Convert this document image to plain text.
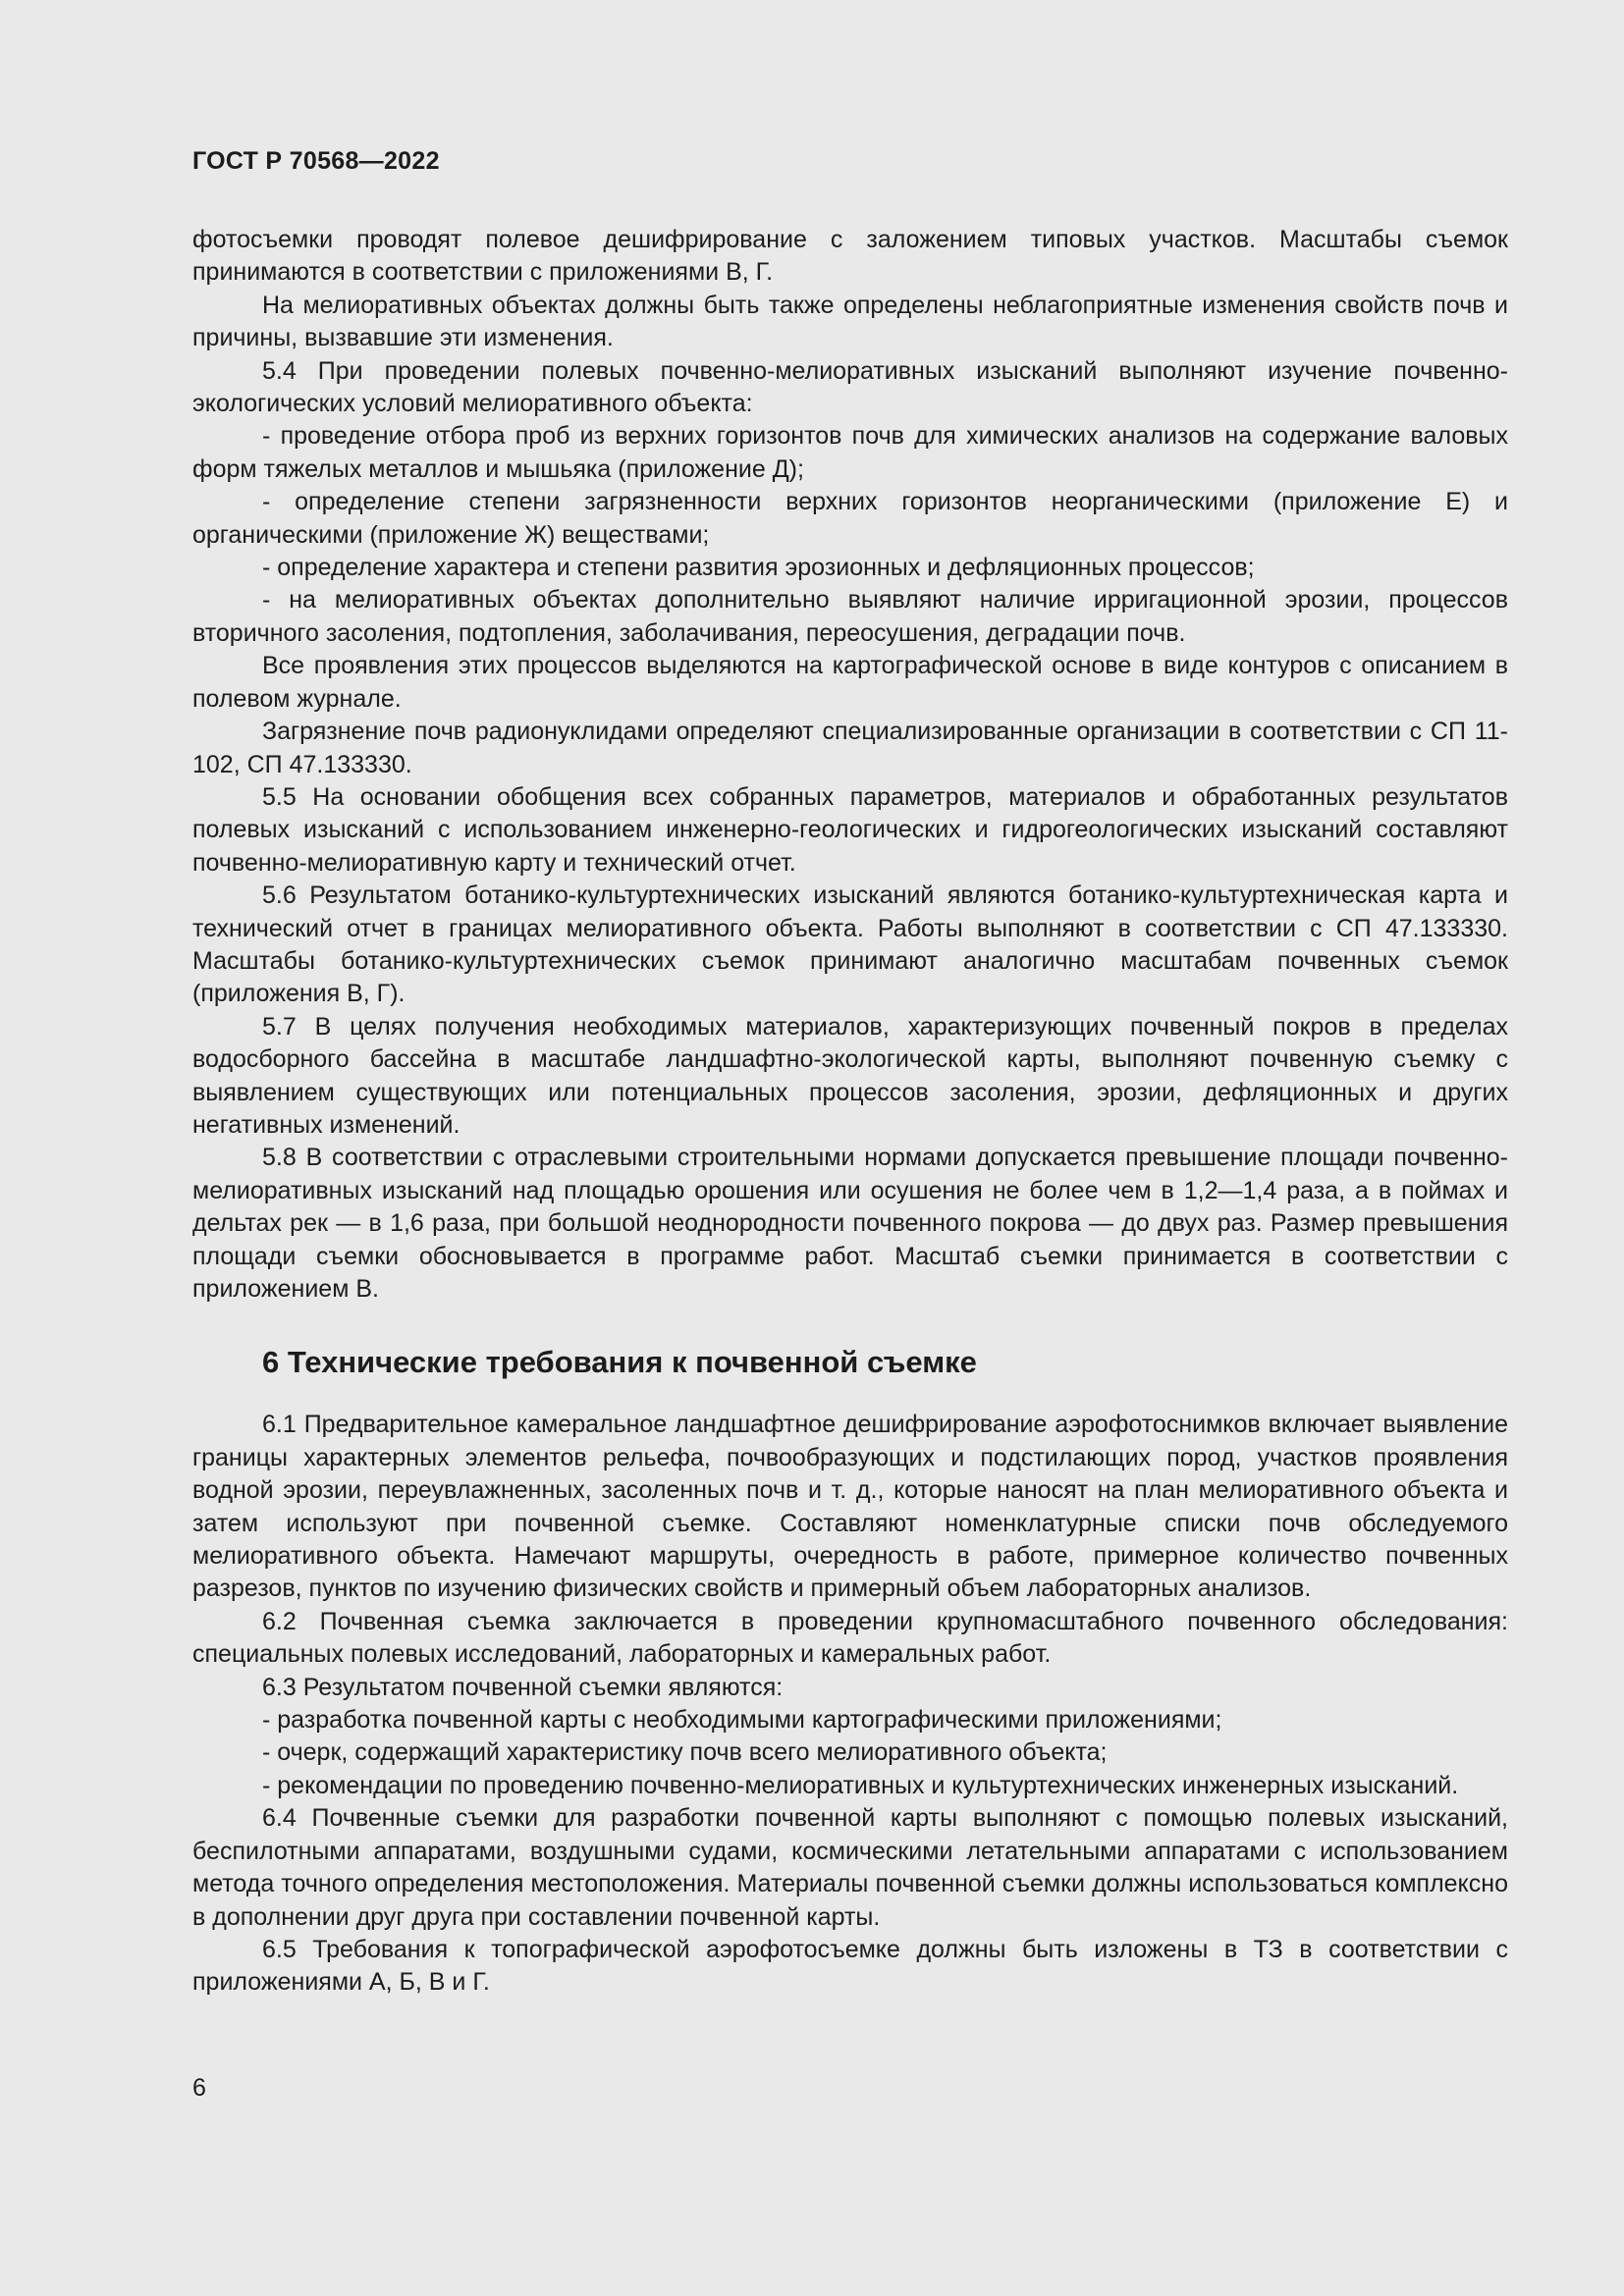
ГОСТ Р 70568—2022

фотосъемки проводят полевое дешифрирование с заложением типовых участков. Масштабы съемок принимаются в соответствии с приложениями В, Г.

На мелиоративных объектах должны быть также определены неблагоприятные изменения свойств почв и причины, вызвавшие эти изменения.

5.4 При проведении полевых почвенно-мелиоративных изысканий выполняют изучение почвенно-экологических условий мелиоративного объекта:

- проведение отбора проб из верхних горизонтов почв для химических анализов на содержание валовых форм тяжелых металлов и мышьяка (приложение Д);

- определение степени загрязненности верхних горизонтов неорганическими (приложение Е) и органическими (приложение Ж) веществами;

- определение характера и степени развития эрозионных и дефляционных процессов;

- на мелиоративных объектах дополнительно выявляют наличие ирригационной эрозии, процессов вторичного засоления, подтопления, заболачивания, переосушения, деградации почв.

Все проявления этих процессов выделяются на картографической основе в виде контуров с описанием в полевом журнале.

Загрязнение почв радионуклидами определяют специализированные организации в соответствии с СП 11-102, СП 47.133330.

5.5 На основании обобщения всех собранных параметров, материалов и обработанных результатов полевых изысканий с использованием инженерно-геологических и гидрогеологических изысканий составляют почвенно-мелиоративную карту и технический отчет.

5.6 Результатом ботанико-культуртехнических изысканий являются ботанико-культуртехническая карта и технический отчет в границах мелиоративного объекта. Работы выполняют в соответствии с СП 47.133330. Масштабы ботанико-культуртехнических съемок принимают аналогично масштабам почвенных съемок (приложения В, Г).

5.7 В целях получения необходимых материалов, характеризующих почвенный покров в пределах водосборного бассейна в масштабе ландшафтно-экологической карты, выполняют почвенную съемку с выявлением существующих или потенциальных процессов засоления, эрозии, дефляционных и других негативных изменений.

5.8 В соответствии с отраслевыми строительными нормами допускается превышение площади почвенно-мелиоративных изысканий над площадью орошения или осушения не более чем в 1,2—1,4 раза, а в поймах и дельтах рек — в 1,6 раза, при большой неоднородности почвенного покрова — до двух раз. Размер превышения площади съемки обосновывается в программе работ. Масштаб съемки принимается в соответствии с приложением В.

6 Технические требования к почвенной съемке

6.1 Предварительное камеральное ландшафтное дешифрирование аэрофотоснимков включает выявление границы характерных элементов рельефа, почвообразующих и подстилающих пород, участков проявления водной эрозии, переувлажненных, засоленных почв и т. д., которые наносят на план мелиоративного объекта и затем используют при почвенной съемке. Составляют номенклатурные списки почв обследуемого мелиоративного объекта. Намечают маршруты, очередность в работе, примерное количество почвенных разрезов, пунктов по изучению физических свойств и примерный объем лабораторных анализов.

6.2 Почвенная съемка заключается в проведении крупномасштабного почвенного обследования: специальных полевых исследований, лабораторных и камеральных работ.

6.3 Результатом почвенной съемки являются:

- разработка почвенной карты с необходимыми картографическими приложениями;

- очерк, содержащий характеристику почв всего мелиоративного объекта;

- рекомендации по проведению почвенно-мелиоративных и культуртехнических инженерных изысканий.

6.4 Почвенные съемки для разработки почвенной карты выполняют с помощью полевых изысканий, беспилотными аппаратами, воздушными судами, космическими летательными аппаратами с использованием метода точного определения местоположения. Материалы почвенной съемки должны использоваться комплексно в дополнении друг друга при составлении почвенной карты.

6.5 Требования к топографической аэрофотосъемке должны быть изложены в ТЗ в соответствии с приложениями А, Б, В и Г.

6
